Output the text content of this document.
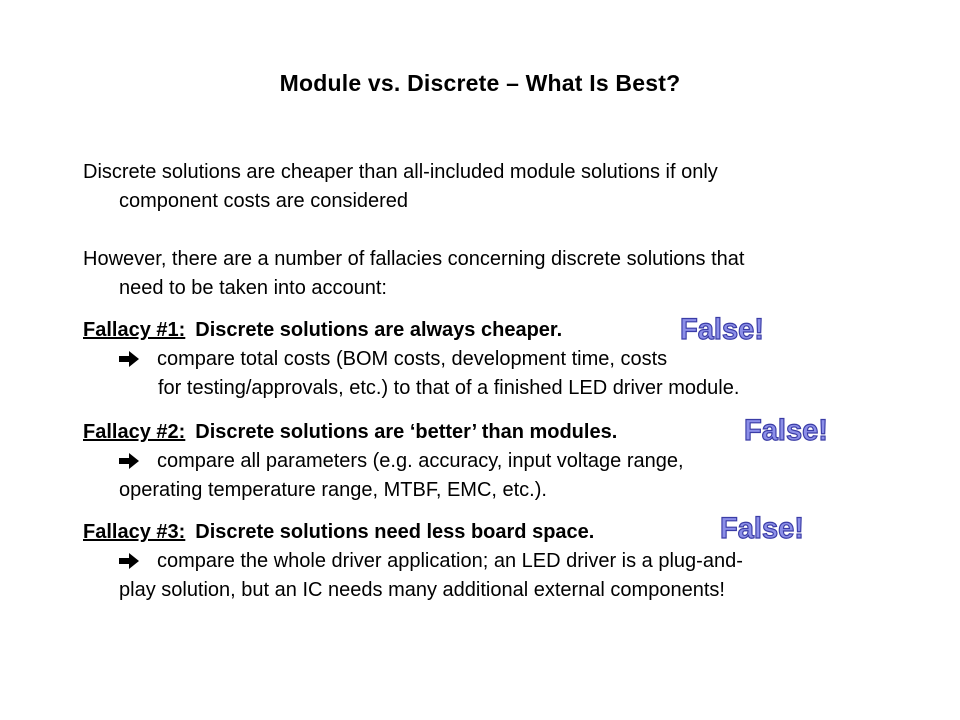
Module vs. Discrete – What Is Best?
Discrete solutions are cheaper than all-included module solutions if only
component costs are considered
However, there are a number of fallacies concerning discrete solutions that
need to be taken into account:
Fallacy #1: Discrete solutions are always cheaper.	False!
compare total costs (BOM costs, development time, costs
for testing/approvals, etc.) to that of a finished LED driver module.
Fallacy #2: Discrete solutions are ‘better’ than modules.	False!
compare all parameters (e.g. accuracy, input voltage range,
operating temperature range, MTBF, EMC, etc.).
Fallacy #3: Discrete solutions need less board space.	False!
compare the whole driver application; an LED driver is a plug-and-
play solution, but an IC needs many additional external components!
